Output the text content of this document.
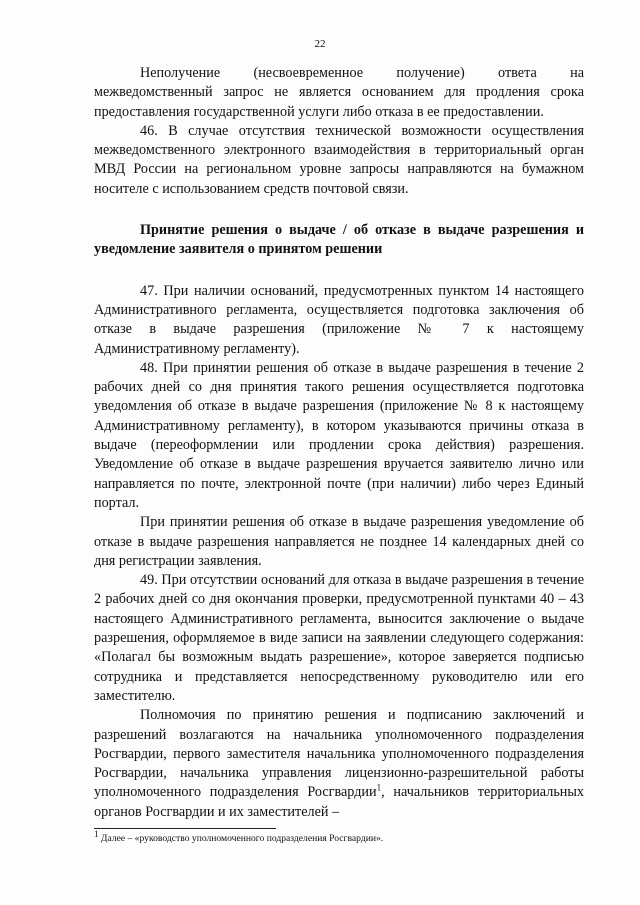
22

Неполучение (несвоевременное получение) ответа на межведомственный запрос не является основанием для продления срока предоставления государственной услуги либо отказа в ее предоставлении.

46. В случае отсутствия технической возможности осуществления межведомственного электронного взаимодействия в территориальный орган МВД России на региональном уровне запросы направляются на бумажном носителе с использованием средств почтовой связи.

Принятие решения о выдаче / об отказе в выдаче разрешения и уведомление заявителя о принятом решении

47. При наличии оснований, предусмотренных пунктом 14 настоящего Административного регламента, осуществляется подготовка заключения об отказе в выдаче разрешения (приложение № 7 к настоящему Административному регламенту).

48. При принятии решения об отказе в выдаче разрешения в течение 2 рабочих дней со дня принятия такого решения осуществляется подготовка уведомления об отказе в выдаче разрешения (приложение № 8 к настоящему Административному регламенту), в котором указываются причины отказа в выдаче (переоформлении или продлении срока действия) разрешения. Уведомление об отказе в выдаче разрешения вручается заявителю лично или направляется по почте, электронной почте (при наличии) либо через Единый портал.

При принятии решения об отказе в выдаче разрешения уведомление об отказе в выдаче разрешения направляется не позднее 14 календарных дней со дня регистрации заявления.

49. При отсутствии оснований для отказа в выдаче разрешения в течение 2 рабочих дней со дня окончания проверки, предусмотренной пунктами 40 – 43 настоящего Административного регламента, выносится заключение о выдаче разрешения, оформляемое в виде записи на заявлении следующего содержания: «Полагал бы возможным выдать разрешение», которое заверяется подписью сотрудника и представляется непосредственному руководителю или его заместителю.

Полномочия по принятию решения и подписанию заключений и разрешений возлагаются на начальника уполномоченного подразделения Росгвардии, первого заместителя начальника уполномоченного подразделения Росгвардии, начальника управления лицензионно-разрешительной работы уполномоченного подразделения Росгвардии$^1$, начальников территориальных органов Росгвардии и их заместителей –

$^1$ Далее – «руководство уполномоченного подразделения Росгвардии».
